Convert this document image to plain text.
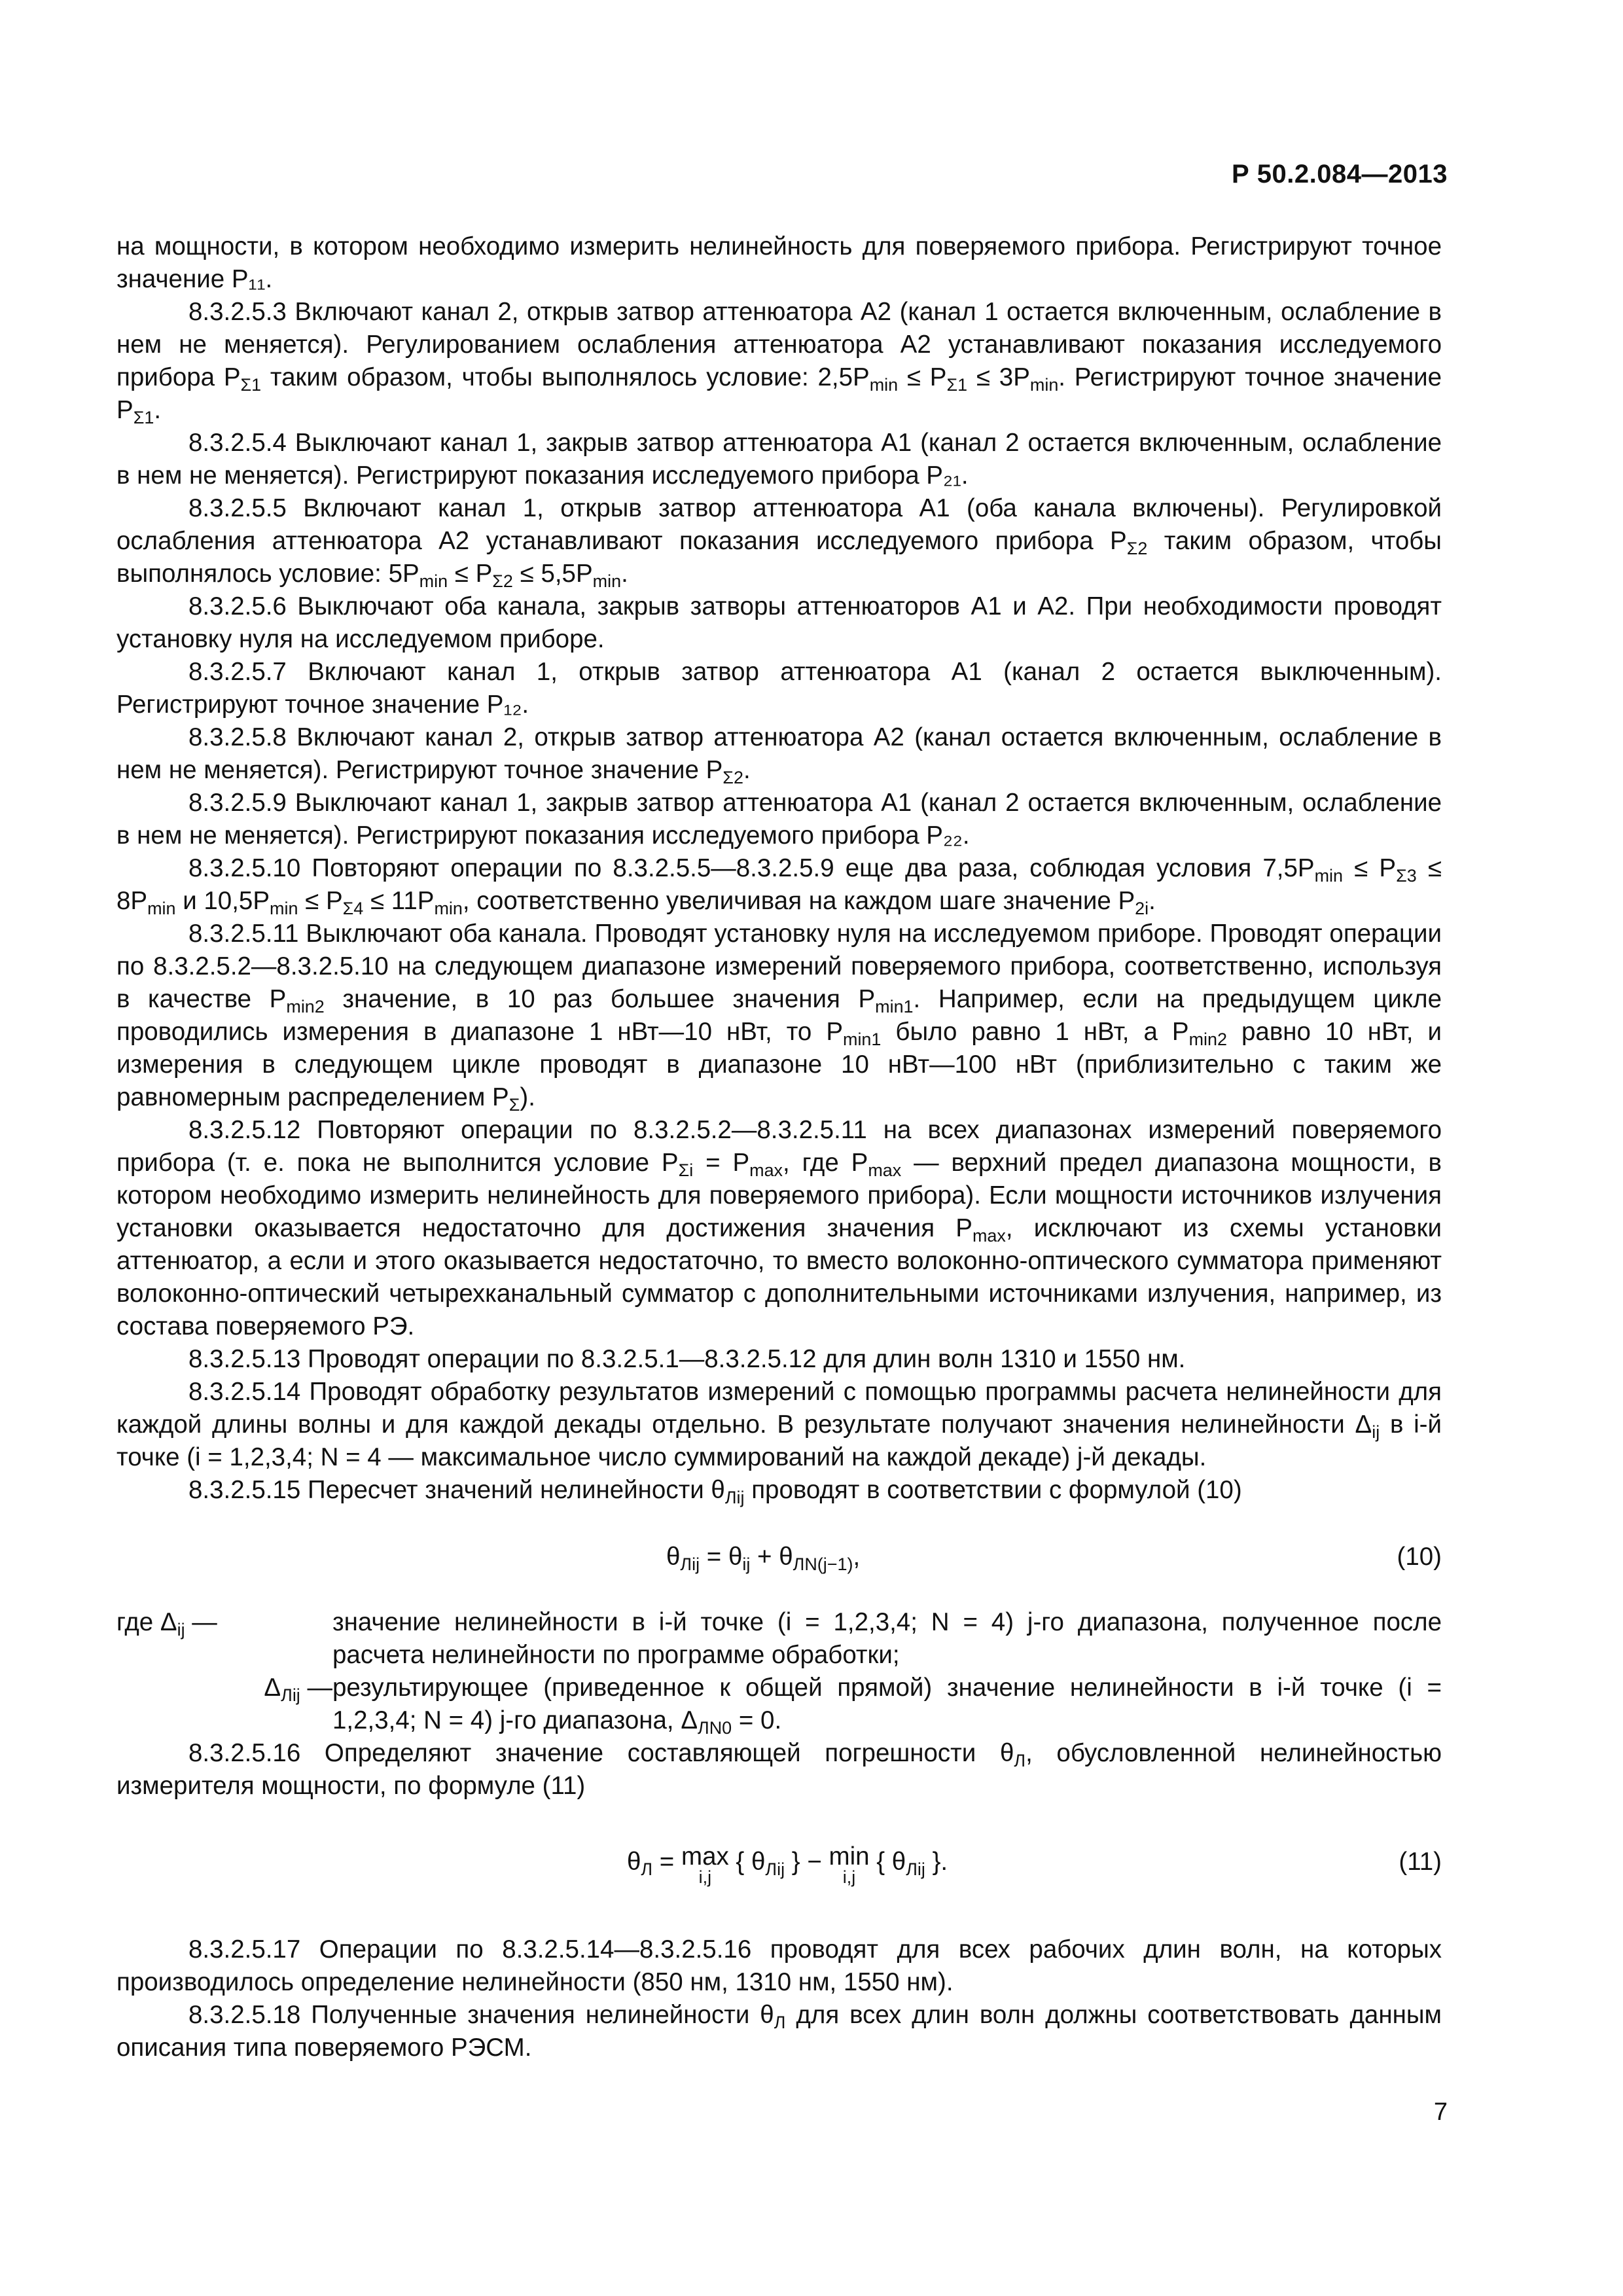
Р 50.2.084—2013

на мощности, в котором необходимо измерить нелинейность для поверяемого прибора. Регистрируют точное значение P₁₁.

8.3.2.5.3 Включают канал 2, открыв затвор аттенюатора А2 (канал 1 остается включенным, ослабление в нем не меняется). Регулированием ослабления аттенюатора А2 устанавливают показания исследуемого прибора $P_{\Sigma 1}$ таким образом, чтобы выполнялось условие: $2,5P_{min} \le P_{\Sigma 1} \le 3P_{min}$. Регистрируют точное значение $P_{\Sigma 1}$.

8.3.2.5.4 Выключают канал 1, закрыв затвор аттенюатора А1 (канал 2 остается включенным, ослабление в нем не меняется). Регистрируют показания исследуемого прибора P₂₁.

8.3.2.5.5 Включают канал 1, открыв затвор аттенюатора А1 (оба канала включены). Регулировкой ослабления аттенюатора А2 устанавливают показания исследуемого прибора $P_{\Sigma 2}$ таким образом, чтобы выполнялось условие: $5P_{min} \le P_{\Sigma 2} \le 5,5P_{min}$.

8.3.2.5.6 Выключают оба канала, закрыв затворы аттенюаторов А1 и А2. При необходимости проводят установку нуля на исследуемом приборе.

8.3.2.5.7 Включают канал 1, открыв затвор аттенюатора А1 (канал 2 остается выключенным). Регистрируют точное значение P₁₂.

8.3.2.5.8 Включают канал 2, открыв затвор аттенюатора А2 (канал остается включенным, ослабление в нем не меняется). Регистрируют точное значение $P_{\Sigma 2}$.

8.3.2.5.9 Выключают канал 1, закрыв затвор аттенюатора А1 (канал 2 остается включенным, ослабление в нем не меняется). Регистрируют показания исследуемого прибора P₂₂.

8.3.2.5.10 Повторяют операции по 8.3.2.5.5—8.3.2.5.9 еще два раза, соблюдая условия $7,5P_{min} \le P_{\Sigma 3} \le 8P_{min}$ и $10,5P_{min} \le P_{\Sigma 4} \le 11P_{min}$, соответственно увеличивая на каждом шаге значение $P_{2i}$.

8.3.2.5.11 Выключают оба канала. Проводят установку нуля на исследуемом приборе. Проводят операции по 8.3.2.5.2—8.3.2.5.10 на следующем диапазоне измерений поверяемого прибора, соответственно, используя в качестве $P_{min2}$ значение, в 10 раз большее значения $P_{min1}$. Например, если на предыдущем цикле проводились измерения в диапазоне 1 нВт—10 нВт, то $P_{min1}$ было равно 1 нВт, а $P_{min2}$ равно 10 нВт, и измерения в следующем цикле проводят в диапазоне 10 нВт—100 нВт (приблизительно с таким же равномерным распределением $P_\Sigma$).

8.3.2.5.12 Повторяют операции по 8.3.2.5.2—8.3.2.5.11 на всех диапазонах измерений поверяемого прибора (т. е. пока не выполнится условие $P_{\Sigma i} = P_{max}$, где $P_{max}$ — верхний предел диапазона мощности, в котором необходимо измерить нелинейность для поверяемого прибора). Если мощности источников излучения установки оказывается недостаточно для достижения значения $P_{max}$, исключают из схемы установки аттенюатор, а если и этого оказывается недостаточно, то вместо волоконно-оптического сумматора применяют волоконно-оптический четырехканальный сумматор с дополнительными источниками излучения, например, из состава поверяемого РЭ.

8.3.2.5.13 Проводят операции по 8.3.2.5.1—8.3.2.5.12 для длин волн 1310 и 1550 нм.

8.3.2.5.14 Проводят обработку результатов измерений с помощью программы расчета нелинейности для каждой длины волны и для каждой декады отдельно. В результате получают значения нелинейности $\Delta_{ij}$ в i-й точке (i = 1,2,3,4; N = 4 — максимальное число суммирований на каждой декаде) j-й декады.

8.3.2.5.15 Пересчет значений нелинейности $\theta_{Лij}$ проводят в соответствии с формулой (10)

$\theta_{Лij} = \theta_{ij} + \theta_{ЛN(j-1)}$,	(10)
где $\Delta_{ij}$ —	значение нелинейности в i-й точке (i = 1,2,3,4; N = 4) j-го диапазона, полученное после расчета нелинейности по программе обработки;
$\Delta_{Лij}$ — результирующее (приведенное к общей прямой) значение нелинейности в i-й точке (i = 1,2,3,4; N = 4) j-го диапазона, $\Delta_{ЛN0} = 0$.

8.3.2.5.16 Определяют значение составляющей погрешности $\theta_Л$, обусловленной нелинейностью измерителя мощности, по формуле (11)

$\theta_Л = \max$
i,j
{ $\theta_{Лij}$ } − min
i,j
{ $\theta_{Лij}$ }.	(11)

8.3.2.5.17 Операции по 8.3.2.5.14—8.3.2.5.16 проводят для всех рабочих длин волн, на которых производилось определение нелинейности (850 нм, 1310 нм, 1550 нм).

8.3.2.5.18 Полученные значения нелинейности $\theta_Л$ для всех длин волн должны соответствовать данным описания типа поверяемого РЭСМ.

7
